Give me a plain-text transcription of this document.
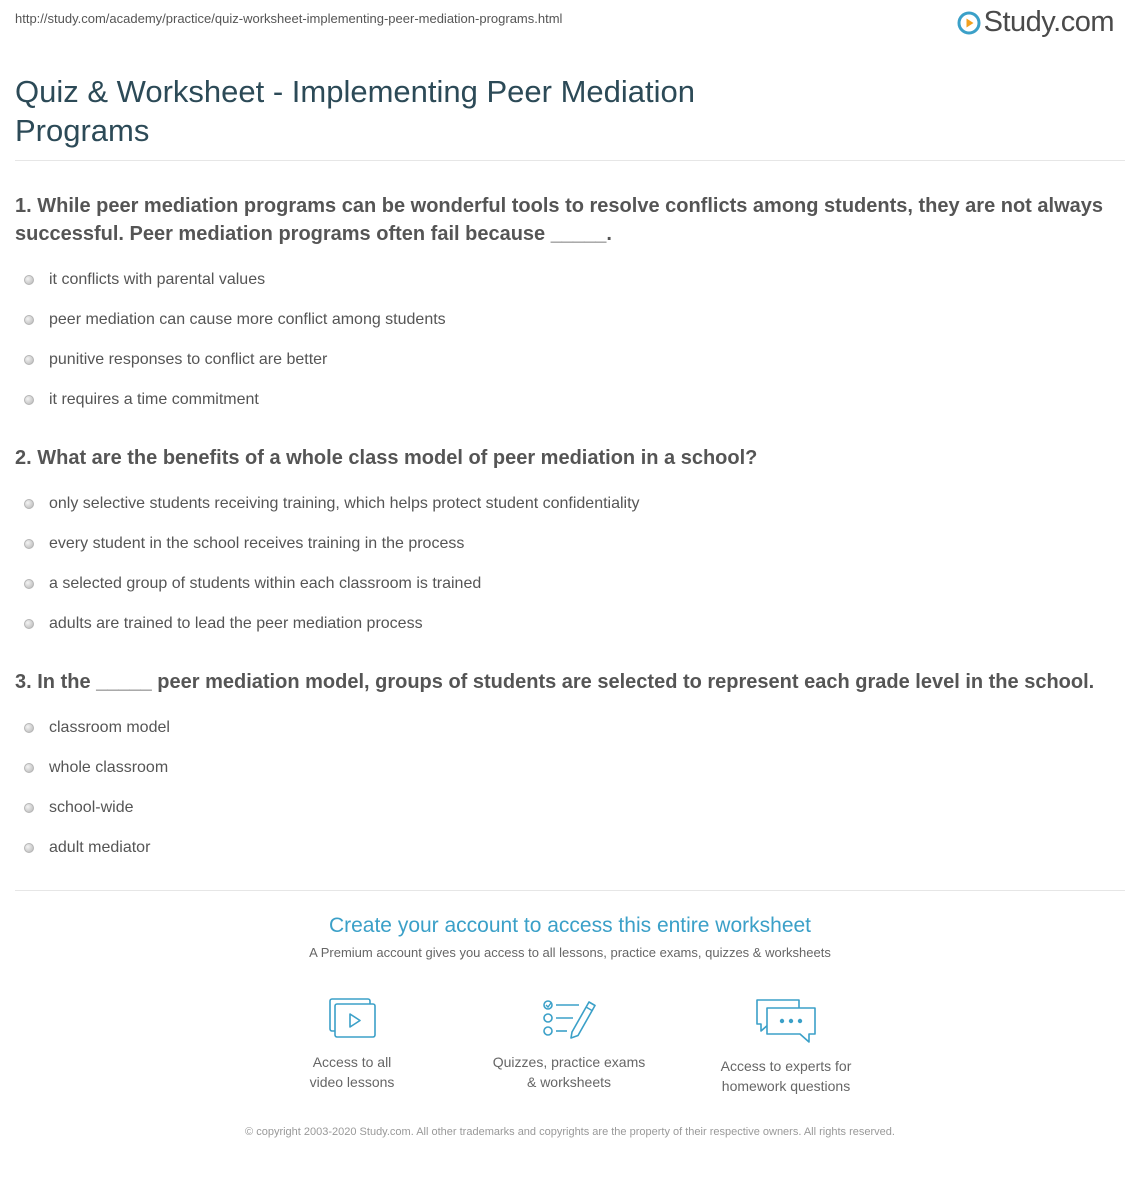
http://study.com/academy/practice/quiz-worksheet-implementing-peer-mediation-programs.html	Study.com
Quiz & Worksheet - Implementing Peer Mediation Programs

1. While peer mediation programs can be wonderful tools to resolve conflicts among students, they are not always successful. Peer mediation programs often fail because _____.

it conflicts with parental values
peer mediation can cause more conflict among students
punitive responses to conflict are better
it requires a time commitment

2. What are the benefits of a whole class model of peer mediation in a school?

only selective students receiving training, which helps protect student confidentiality
every student in the school receives training in the process
a selected group of students within each classroom is trained
adults are trained to lead the peer mediation process

3. In the _____ peer mediation model, groups of students are selected to represent each grade level in the school.

classroom model
whole classroom
school-wide
adult mediator
Create your account to access this entire worksheet
A Premium account gives you access to all lessons, practice exams, quizzes & worksheets
Access to all
video lessons
Quizzes, practice exams
& worksheets
Access to experts for
homework questions
© copyright 2003-2020 Study.com. All other trademarks and copyrights are the property of their respective owners. All rights reserved.
